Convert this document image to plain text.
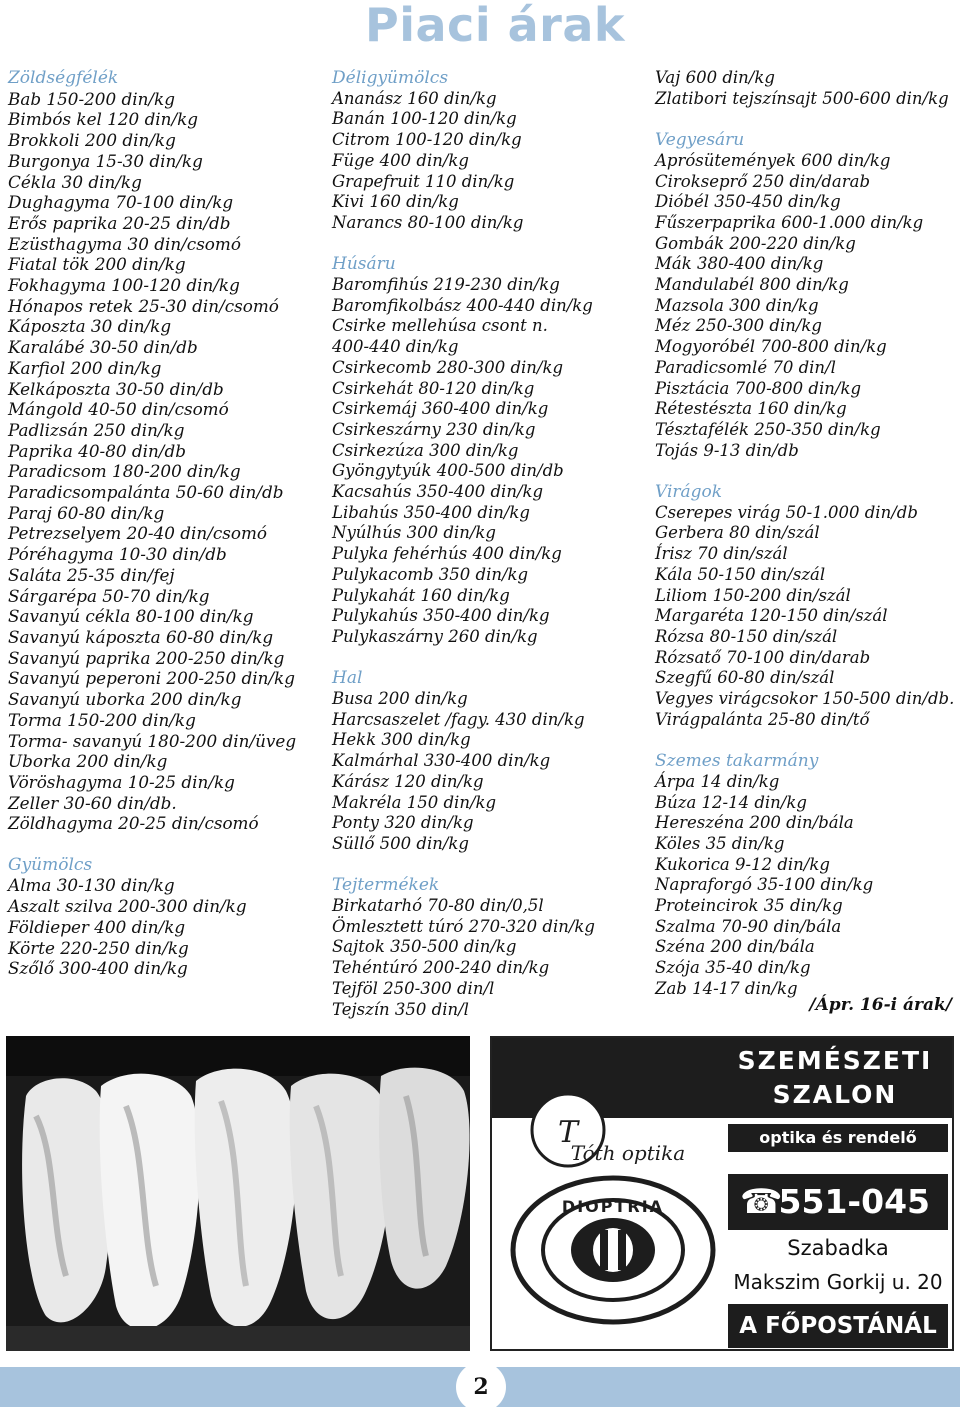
Piaci árak
Zöldségfélék
Bab 150-200 din/kg
Bimbós kel 120 din/kg
Brokkoli 200 din/kg
Burgonya 15-30 din/kg
Cékla 30 din/kg
Dughagyma 70-100 din/kg
Erős paprika 20-25 din/db
Ezüsthagyma 30 din/csomó
Fiatal tök 200 din/kg
Fokhagyma 100-120 din/kg
Hónapos retek 25-30 din/csomó
Káposzta 30 din/kg
Karalábé 30-50 din/db
Karfiol 200 din/kg
Kelkáposzta 30-50 din/db
Mángold 40-50 din/csomó
Padlizsán 250 din/kg
Paprika 40-80 din/db
Paradicsom 180-200 din/kg
Paradicsompalánta 50-60 din/db
Paraj 60-80 din/kg
Petrezselyem 20-40 din/csomó
Póréhagyma 10-30 din/db
Saláta 25-35 din/fej
Sárgarépa 50-70 din/kg
Savanyú cékla 80-100 din/kg
Savanyú káposzta 60-80 din/kg
Savanyú paprika 200-250 din/kg
Savanyú peperoni 200-250 din/kg
Savanyú uborka 200 din/kg
Torma 150-200 din/kg
Torma- savanyú 180-200 din/üveg
Uborka 200 din/kg
Vöröshagyma 10-25 din/kg
Zeller 30-60 din/db.
Zöldhagyma 20-25 din/csomó
Gyümölcs
Alma 30-130 din/kg
Aszalt szilva 200-300 din/kg
Földieper 400 din/kg
Körte 220-250 din/kg
Szőlő 300-400 din/kg
Déligyümölcs
Ananász 160 din/kg
Banán 100-120 din/kg
Citrom 100-120 din/kg
Füge 400 din/kg
Grapefruit 110 din/kg
Kivi 160 din/kg
Narancs 80-100 din/kg
Húsáru
Baromfihús 219-230 din/kg
Baromfikolbász 400-440 din/kg
Csirke mellehúsa csont n.
400-440 din/kg
Csirkecomb 280-300 din/kg
Csirkehát 80-120 din/kg
Csirkemáj 360-400 din/kg
Csirkeszárny 230 din/kg
Csirkezúza 300 din/kg
Gyöngytyúk 400-500 din/db
Kacsahús 350-400 din/kg
Libahús 350-400 din/kg
Nyúlhús 300 din/kg
Pulyka fehérhús 400 din/kg
Pulykacomb 350 din/kg
Pulykahát 160 din/kg
Pulykahús 350-400 din/kg
Pulykaszárny 260 din/kg
Hal
Busa 200 din/kg
Harcsaszelet /fagy. 430 din/kg
Hekk 300 din/kg
Kalmárhal 330-400 din/kg
Kárász 120 din/kg
Makréla 150 din/kg
Ponty 320 din/kg
Süllő 500 din/kg
Tejtermékek
Birkatarhó 70-80 din/0,5l
Ömlesztett túró 270-320 din/kg
Sajtok 350-500 din/kg
Tehéntúró 200-240 din/kg
Tejföl 250-300 din/l
Tejszín 350 din/l
Vaj 600 din/kg
Zlatibori tejszínsajt 500-600 din/kg
Vegyesáru
Aprósütemények 600 din/kg
Cirokseprő 250 din/darab
Dióbél 350-450 din/kg
Fűszerpaprika 600-1.000 din/kg
Gombák 200-220 din/kg
Mák 380-400 din/kg
Mandulabél 800 din/kg
Mazsola 300 din/kg
Méz 250-300 din/kg
Mogyoróbél 700-800 din/kg
Paradicsomlé 70 din/l
Pisztácia 700-800 din/kg
Rétestészta 160 din/kg
Tésztafélék 250-350 din/kg
Tojás 9-13 din/db
Virágok
Cserepes virág 50-1.000 din/db
Gerbera 80 din/szál
Írisz 70 din/szál
Kála 50-150 din/szál
Liliom 150-200 din/szál
Margaréta 120-150 din/szál
Rózsa 80-150 din/szál
Rózsatő 70-100 din/darab
Szegfű 60-80 din/szál
Vegyes virágcsokor 150-500 din/db.
Virágpalánta 25-80 din/tő
Szemes takarmány
Árpa 14 din/kg
Búza 12-14 din/kg
Hereszéna 200 din/bála
Köles 35 din/kg
Kukorica 9-12 din/kg
Napraforgó 35-100 din/kg
Proteincirok 35 din/kg
Szalma 70-90 din/bála
Széna 200 din/bála
Szója 35-40 din/kg
Zab 14-17 din/kg
/Ápr. 16-i árak/
SZEMÉSZETI
SZALON
DIOPTRIA
T
Tóth optika
optika és rendelő
☎
551-045
Szabadka
Makszim Gorkij u. 20
A FŐPOSTÁNÁL
2
